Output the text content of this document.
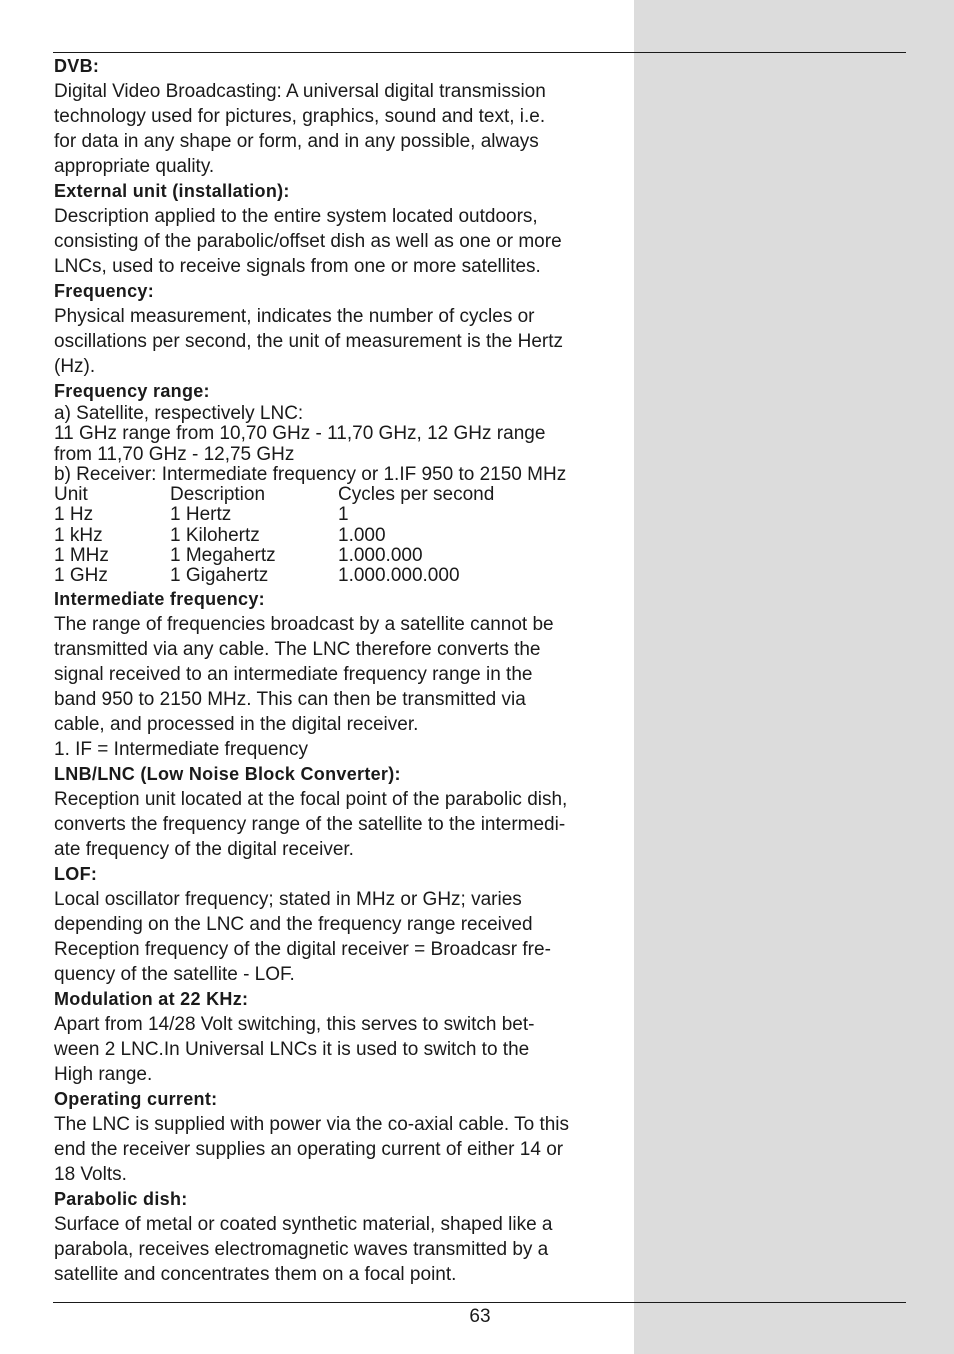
DVB:
Digital Video Broadcasting: A universal digital transmission
technology used for pictures, graphics, sound and text, i.e.
for data in any shape or form, and in any possible, always
appropriate quality.
External unit (installation):
Description applied to the entire system located outdoors,
consisting of the parabolic/offset dish as well as one or more
LNCs, used to receive signals from one or more satellites.
Frequency:
Physical measurement, indicates the number of cycles or
oscillations per second, the unit of measurement is the Hertz
(Hz).
Frequency range:
a) Satellite, respectively LNC:
11 GHz range from 10,70 GHz - 11,70 GHz, 12 GHz range
from 11,70 GHz - 12,75 GHz
b) Receiver: Intermediate frequency or 1.IF 950 to 2150 MHz
Unit	Description	Cycles per second
1 Hz	1 Hertz	1
1 kHz	1 Kilohertz	1.000
1 MHz	1 Megahertz	1.000.000
1 GHz	1 Gigahertz	1.000.000.000
Intermediate frequency:
The range of frequencies broadcast by a satellite cannot be
transmitted via any cable. The LNC therefore converts the
signal received to an intermediate frequency range in the
band 950 to 2150 MHz. This can then be transmitted via
cable, and processed in the digital receiver.
1. IF = Intermediate frequency
LNB/LNC (Low Noise Block Converter):
Reception unit located at the focal point of the parabolic dish,
converts the frequency range of the satellite to the intermedi-
ate frequency of the digital receiver.
LOF:
Local oscillator frequency; stated in MHz or GHz; varies
depending on the LNC and the frequency range received
Reception frequency of the digital receiver = Broadcasr fre-
quency of the satellite - LOF.
Modulation at 22 KHz:
Apart from 14/28 Volt switching, this serves to switch bet-
ween 2 LNC.In Universal LNCs it is used to switch to the
High range.
Operating current:
The LNC is supplied with power via the co-axial cable. To this
end the receiver supplies an operating current of either 14 or
18 Volts.
Parabolic dish:
Surface of metal or coated synthetic material, shaped like a
parabola, receives electromagnetic waves transmitted by a
satellite and concentrates them on a focal point.
63
